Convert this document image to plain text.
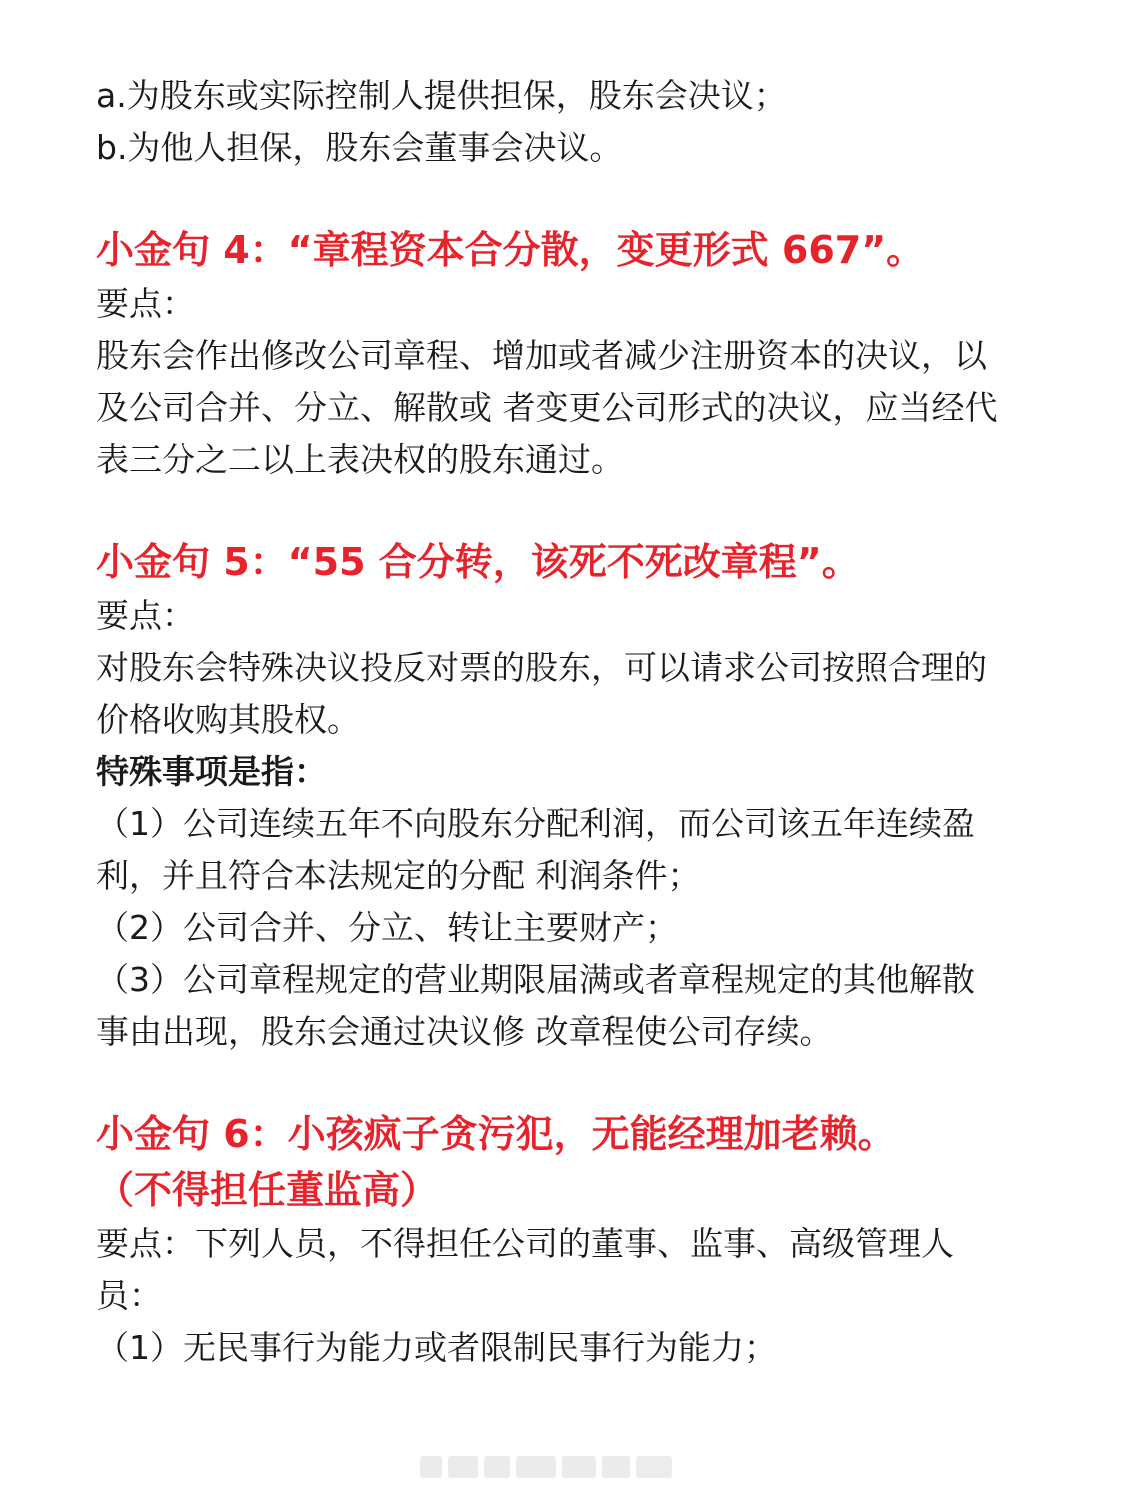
a.为股东或实际控制人提供担保，股东会决议；

b.为他人担保，股东会董事会决议。

小金句 4：“章程资本合分散，变更形式 667”。

要点：

股东会作出修改公司章程、增加或者减少注册资本的决议，以

及公司合并、分立、解散或 者变更公司形式的决议，应当经代

表三分之二以上表决权的股东通过。

小金句 5：“55 合分转，该死不死改章程”。

要点：

对股东会特殊决议投反对票的股东，可以请求公司按照合理的

价格收购其股权。

特殊事项是指：

（1）公司连续五年不向股东分配利润，而公司该五年连续盈

利，并且符合本法规定的分配 利润条件；

（2）公司合并、分立、转让主要财产；

（3）公司章程规定的营业期限届满或者章程规定的其他解散

事由出现，股东会通过决议修 改章程使公司存续。

小金句 6：小孩疯子贪污犯，无能经理加老赖。

（不得担任董监高）

要点：下列人员，不得担任公司的董事、监事、高级管理人

员：

（1）无民事行为能力或者限制民事行为能力；
